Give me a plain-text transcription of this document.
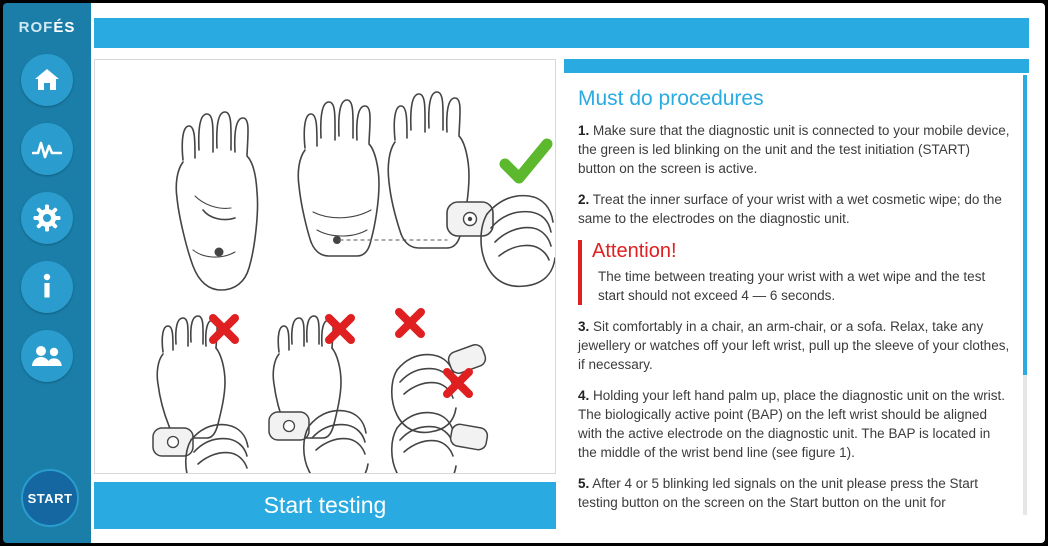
ROF ÉS
START	Start testing
Must do procedures

1. Make sure that the diagnostic unit is connected to your mobile device, the green is led blinking on the unit and the test initiation (START) button on the screen is active.

2. Treat the inner surface of your wrist with a wet cosmetic wipe; do the same to the electrodes on the diagnostic unit.

Attention!

The time between treating your wrist with a wet wipe and the test start should not exceed 4 — 6 seconds.

3. Sit comfortably in a chair, an arm-chair, or a sofa. Relax, take any jewellery or watches off your left wrist, pull up the sleeve of your clothes, if necessary.

4. Holding your left hand palm up, place the diagnostic unit on the wrist. The biologically active point (BAP) on the left wrist should be aligned with the active electrode on the diagnostic unit. The BAP is located in the middle of the wrist bend line (see figure 1).

5. After 4 or 5 blinking led signals on the unit please press the Start testing button on the screen on the Start button on the unit for
